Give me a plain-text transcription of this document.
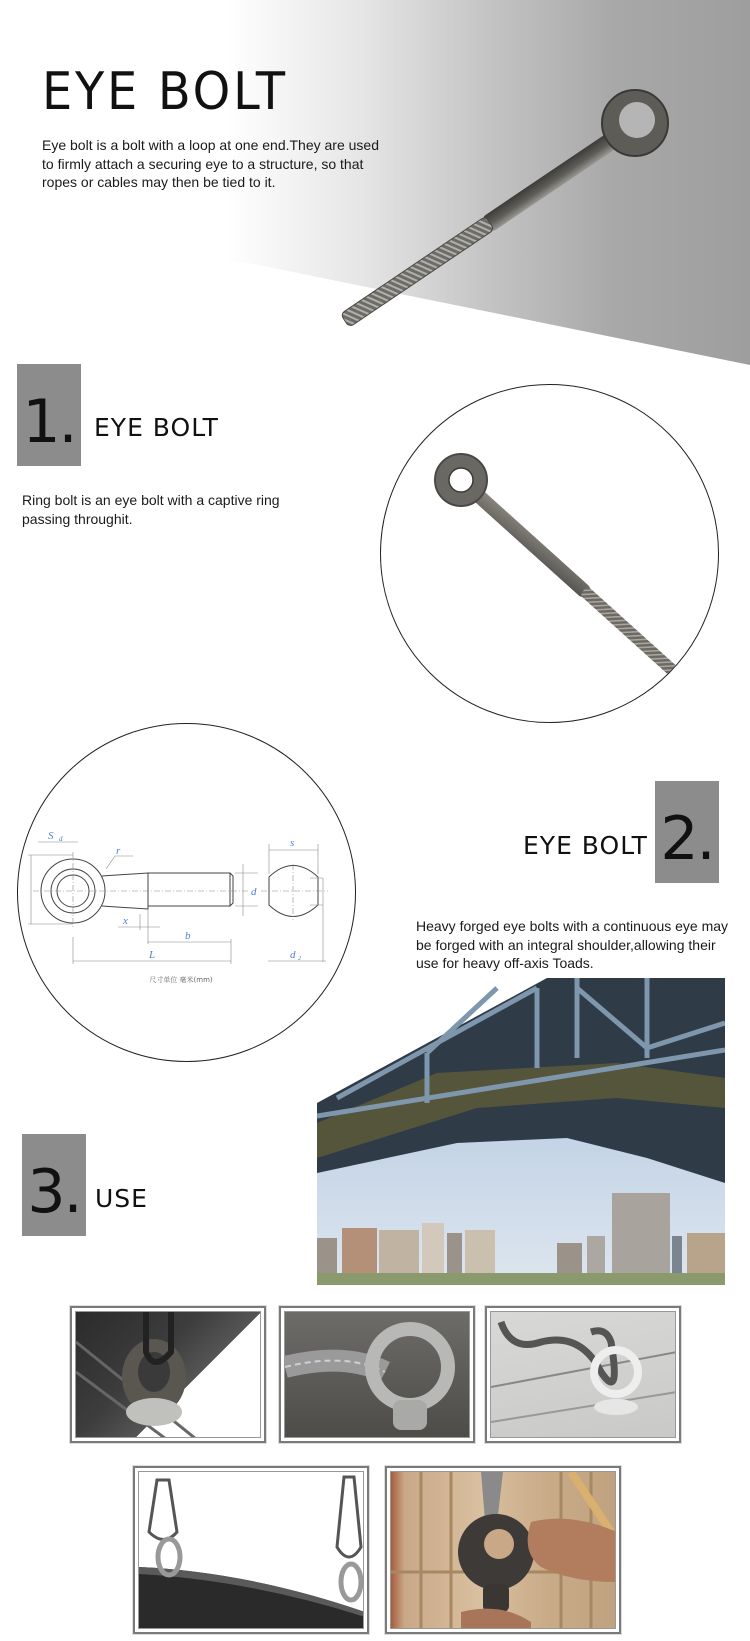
EYE BOLT
Eye bolt is a bolt with a loop at one end.They are used to firmly attach a securing eye to a structure, so that ropes or cables may then be tied to it.
1. EYE BOLT
Ring bolt is an eye bolt with a captive ring passing throughit.
S d
r
d
x
b
L
s
d 2
尺寸单位 毫米(mm)
EYE BOLT 2.
Heavy forged eye bolts with a continuous eye may be forged with an integral shoulder,allowing their use for heavy off-axis Toads.
3. USE
